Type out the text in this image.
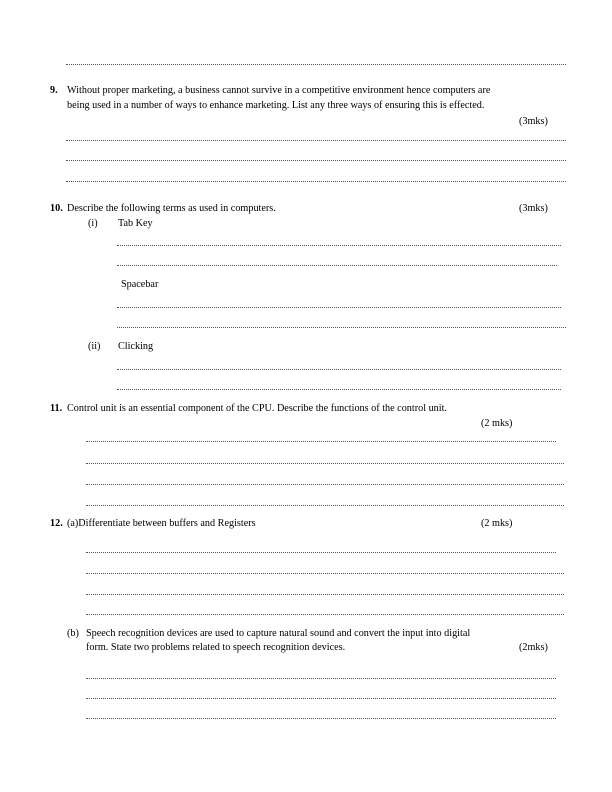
9. Without proper marketing, a business cannot survive in a competitive environment hence computers are
being used in a number of ways to enhance marketing. List any three ways of ensuring this is effected.
(3mks)
10. Describe the following terms as used in computers.	(3mks)
(i) Tab Key
Spacebar
(ii) Clicking
11. Control unit is an essential component of the CPU. Describe the functions of the control unit.
(2 mks)
12. (a)Differentiate between buffers and Registers	(2 mks)
(b) Speech recognition devices are used to capture natural sound and convert the input into digital
form. State two problems related to speech recognition devices.	(2mks)
